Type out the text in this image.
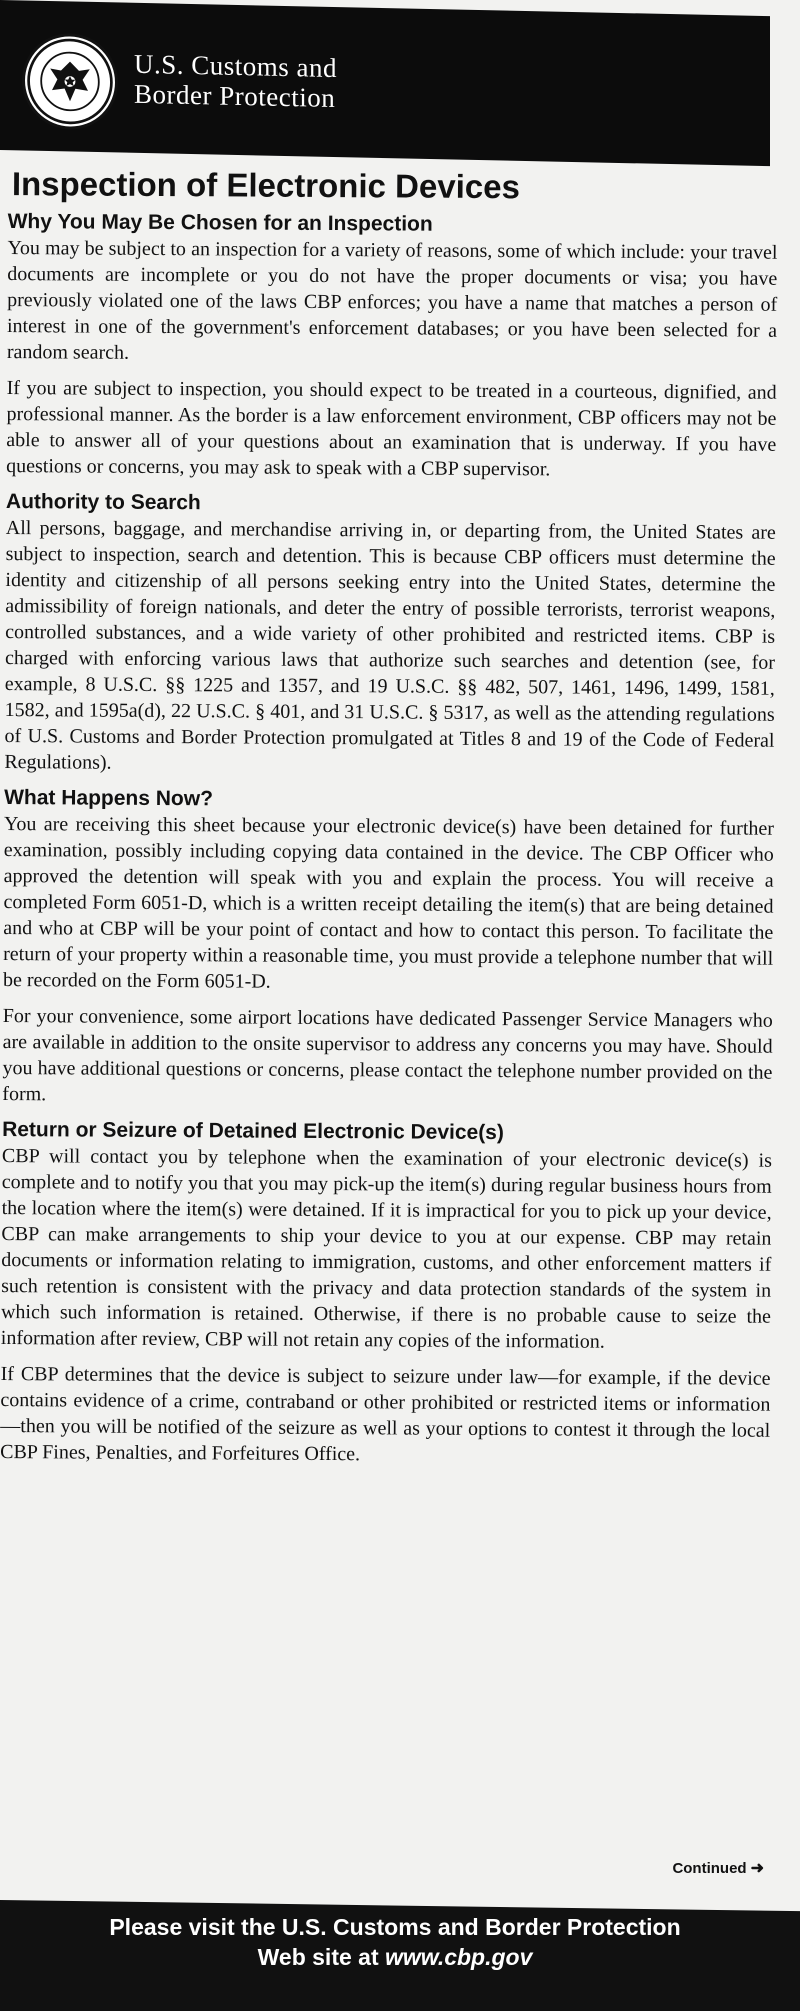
U.S. Customs and
Border Protection
Inspection of Electronic Devices
Why You May Be Chosen for an Inspection

You may be subject to an inspection for a variety of reasons, some of which include: your travel documents are incomplete or you do not have the proper documents or visa; you have previously violated one of the laws CBP enforces; you have a name that matches a person of interest in one of the government's enforcement databases; or you have been selected for a random search.

If you are subject to inspection, you should expect to be treated in a courteous, dignified, and professional manner. As the border is a law enforcement environment, CBP officers may not be able to answer all of your questions about an examination that is underway. If you have questions or concerns, you may ask to speak with a CBP supervisor.

Authority to Search

All persons, baggage, and merchandise arriving in, or departing from, the United States are subject to inspection, search and detention. This is because CBP officers must determine the identity and citizenship of all persons seeking entry into the United States, determine the admissibility of foreign nationals, and deter the entry of possible terrorists, terrorist weapons, controlled substances, and a wide variety of other prohibited and restricted items. CBP is charged with enforcing various laws that authorize such searches and detention (see, for example, 8 U.S.C. §§ 1225 and 1357, and 19 U.S.C. §§ 482, 507, 1461, 1496, 1499, 1581, 1582, and 1595a(d), 22 U.S.C. § 401, and 31 U.S.C. § 5317, as well as the attending regulations of U.S. Customs and Border Protection promulgated at Titles 8 and 19 of the Code of Federal Regulations).

What Happens Now?

You are receiving this sheet because your electronic device(s) have been detained for further examination, possibly including copying data contained in the device. The CBP Officer who approved the detention will speak with you and explain the process. You will receive a completed Form 6051-D, which is a written receipt detailing the item(s) that are being detained and who at CBP will be your point of contact and how to contact this person. To facilitate the return of your property within a reasonable time, you must provide a telephone number that will be recorded on the Form 6051-D.

For your convenience, some airport locations have dedicated Passenger Service Managers who are available in addition to the onsite supervisor to address any concerns you may have. Should you have additional questions or concerns, please contact the telephone number provided on the form.

Return or Seizure of Detained Electronic Device(s)

CBP will contact you by telephone when the examination of your electronic device(s) is complete and to notify you that you may pick-up the item(s) during regular business hours from the location where the item(s) were detained. If it is impractical for you to pick up your device, CBP can make arrangements to ship your device to you at our expense. CBP may retain documents or information relating to immigration, customs, and other enforcement matters if such retention is consistent with the privacy and data protection standards of the system in which such information is retained. Otherwise, if there is no probable cause to seize the information after review, CBP will not retain any copies of the information.

If CBP determines that the device is subject to seizure under law—for example, if the device contains evidence of a crime, contraband or other prohibited or restricted items or information—then you will be notified of the seizure as well as your options to contest it through the local CBP Fines, Penalties, and Forfeitures Office.

Continued ➜
Please visit the U.S. Customs and Border Protection
Web site at www.cbp.gov
